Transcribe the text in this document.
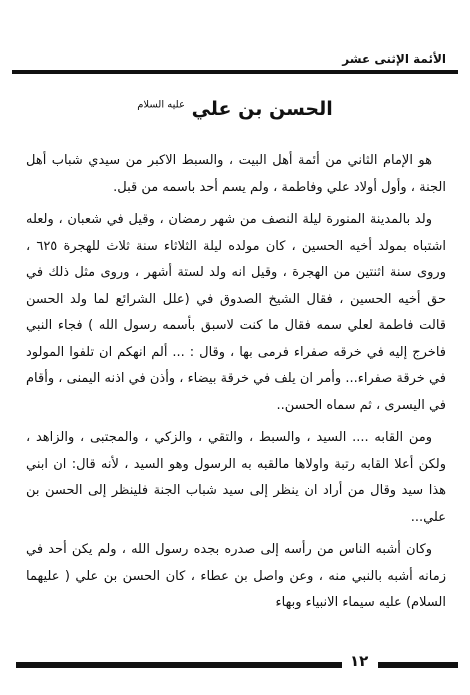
الأئمة الإثنى عشر
الحسن بن علي $^{عليه السلام}$

هو الإمام الثاني من أئمة أهل البيت ، والسبط الاكبر من سيدي شباب أهل الجنة ، وأول أولاد علي وفاطمة ، ولم يسم أحد باسمه من قبل.

ولد بالمدينة المنورة ليلة النصف من شهر رمضان ، وقيل في شعبان ، ولعله اشتباه بمولد أخيه الحسين ، كان مولده ليلة الثلاثاء سنة ثلاث للهجرة ٦٢٥ ، وروى سنة اثنتين من الهجرة ، وقيل انه ولد لستة أشهر ، وروى مثل ذلك في حق أخيه الحسين ، فقال الشيخ الصدوق في (علل الشرائع لما ولد الحسن قالت فاطمة لعلي سمه فقال ما كنت لاسبق بأسمه رسول الله ) فجاء النبي فاخرج إليه في خرقه صفراء فرمى بها ، وقال : ... ألم انهكم ان تلفوا المولود في خرقة صفراء... وأمر ان يلف في خرقة بيضاء ، وأذن في اذنه اليمنى ، وأقام في اليسرى ، ثم سماه الحسن..

ومن القابه .... السيد ، والسبط ، والتقي ، والزكي ، والمجتبى ، والزاهد ، ولكن أعلا القابه رتبة واولاها مالقبه به الرسول وهو السيد ، لأنه قال: ان ابني هذا سيد وقال من أراد ان ينظر إلى سيد شباب الجنة فلينظر إلى الحسن بن علي...

وكان أشبه الناس من رأسه إلى صدره بجده رسول الله ، ولم يكن أحد في زمانه أشبه بالنبي منه ، وعن واصل بن عطاء ، كان الحسن بن علي ( عليهما السلام) عليه سيماء الانبياء وبهاء

١٢
